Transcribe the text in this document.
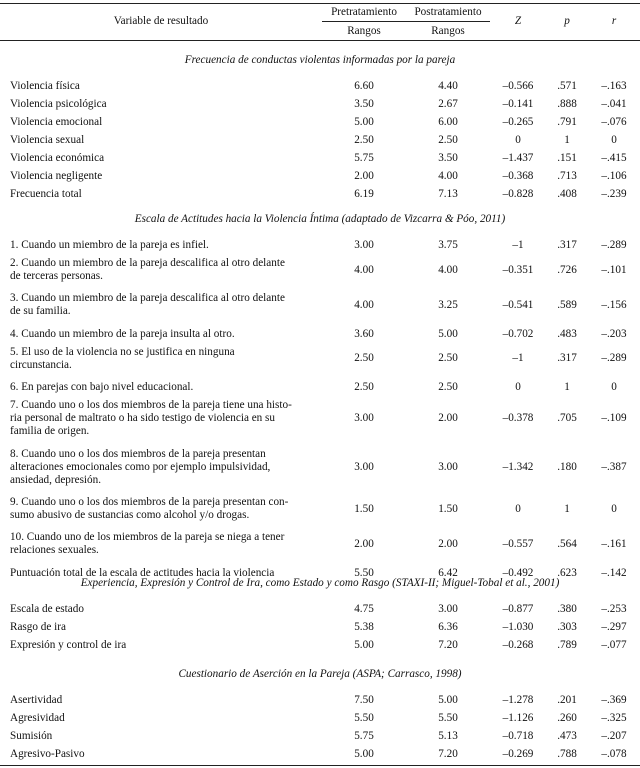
Variable de resultado
Pretratamiento	Postratamiento
Rangos	Rangos
Z	p	r
Frecuencia de conductas violentas informadas por la pareja
Violencia física	6.60	4.40	–0.566	.571	–.163
Violencia psicológica	3.50	2.67	–0.141	.888	–.041
Violencia emocional	5.00	6.00	–0.265	.791	–.076
Violencia sexual	2.50	2.50	0	1	0
Violencia económica	5.75	3.50	–1.437	.151	–.415
Violencia negligente	2.00	4.00	–0.368	.713	–.106
Frecuencia total	6.19	7.13	–0.828	.408	–.239
Escala de Actitudes hacia la Violencia Íntima (adaptado de Vizcarra & Póo, 2011)
1. Cuando un miembro de la pareja es infiel.	3.00	3.75	–1	.317	–.289
2. Cuando un miembro de la pareja descalifica al otro delante
de terceras personas.
4.00	4.00	–0.351	.726	–.101
3. Cuando un miembro de la pareja descalifica al otro delante
de su familia.
4.00	3.25	–0.541	.589	–.156
4. Cuando un miembro de la pareja insulta al otro.	3.60	5.00	–0.702	.483	–.203
5. El uso de la violencia no se justifica en ninguna
circunstancia.
2.50	2.50	–1	.317	–.289
6. En parejas con bajo nivel educacional.	2.50	2.50	0	1	0
7. Cuando uno o los dos miembros de la pareja tiene una histo-
ria personal de maltrato o ha sido testigo de violencia en su
familia de origen.
3.00	2.00	–0.378	.705	–.109
8. Cuando uno o los dos miembros de la pareja presentan
alteraciones emocionales como por ejemplo impulsividad,
ansiedad, depresión.
3.00	3.00	–1.342	.180	–.387
9. Cuando uno o los dos miembros de la pareja presentan con-
sumo abusivo de sustancias como alcohol y/o drogas.
1.50	1.50	0	1	0
10. Cuando uno de los miembros de la pareja se niega a tener
relaciones sexuales.
2.00	2.00	–0.557	.564	–.161
Puntuación total de la escala de actitudes hacia la violencia	5.50	6.42	–0.492	.623	–.142
Experiencia, Expresión y Control de Ira, como Estado y como Rasgo (STAXI-II; Miguel-Tobal et al., 2001)
Escala de estado	4.75	3.00	–0.877	.380	–.253
Rasgo de ira	5.38	6.36	–1.030	.303	–.297
Expresión y control de ira	5.00	7.20	–0.268	.789	–.077
Cuestionario de Aserción en la Pareja (ASPA; Carrasco, 1998)
Asertividad	7.50	5.00	–1.278	.201	–.369
Agresividad	5.50	5.50	–1.126	.260	–.325
Sumisión	5.75	5.13	–0.718	.473	–.207
Agresivo-Pasivo	5.00	7.20	–0.269	.788	–.078
